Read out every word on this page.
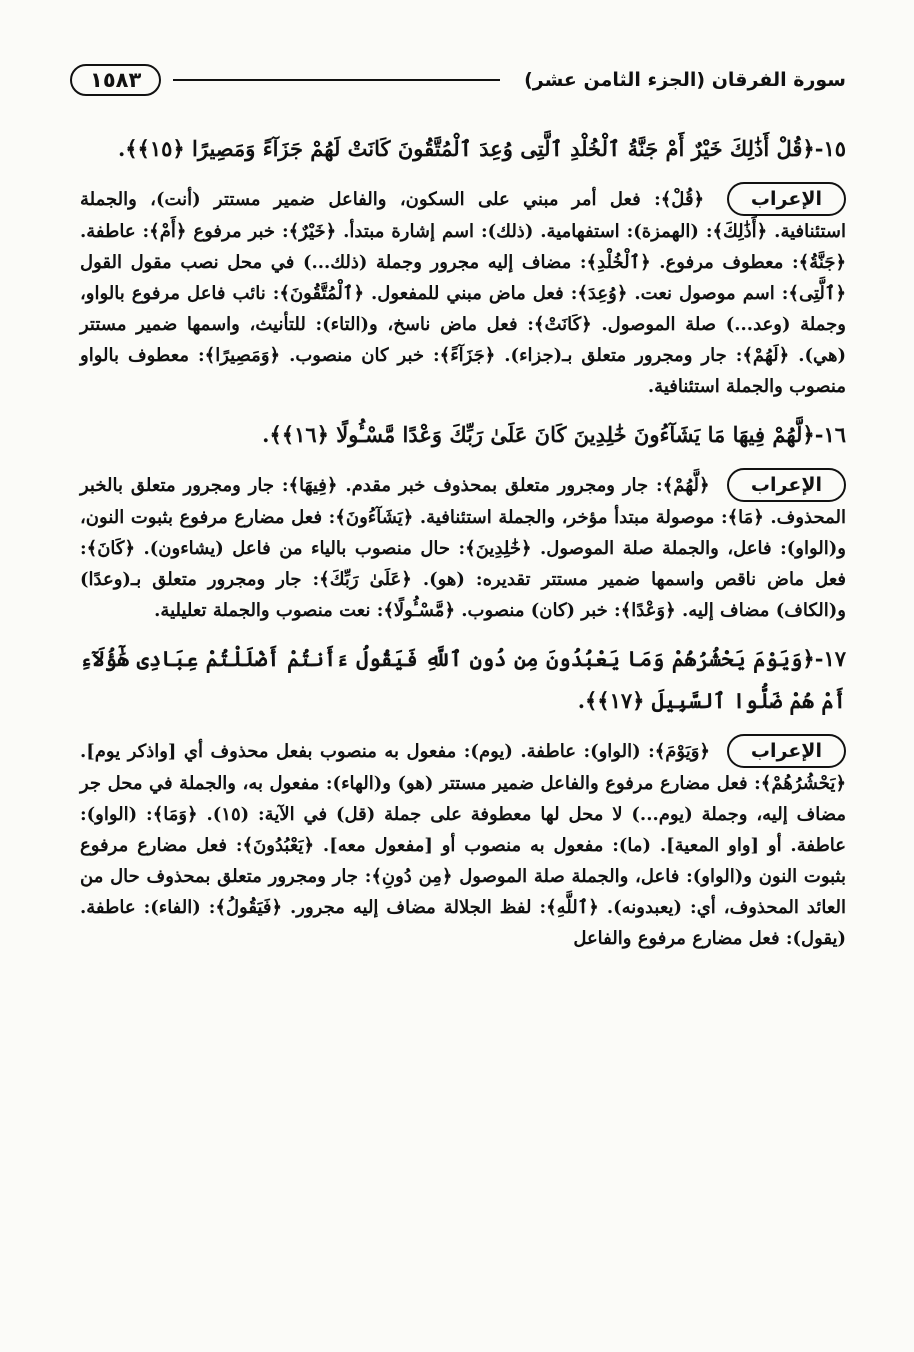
سورة الفرقان (الجزء الثامن عشر)
١٥٨٣
١٥-﴿قُلْ أَذَٰلِكَ خَيْرٌ أَمْ جَنَّةُ ٱلْخُلْدِ ٱلَّتِى وُعِدَ ٱلْمُتَّقُونَ كَانَتْ لَهُمْ جَزَآءً وَمَصِيرًا ﴿١٥﴾﴾.
الإعراب ﴿قُلْ﴾: فعل أمر مبني على السكون، والفاعل ضمير مستتر (أنت)، والجملة استئنافية. ﴿أَذَٰلِكَ﴾: (الهمزة): استفهامية. (ذلك): اسم إشارة مبتدأ. ﴿خَيْرٌ﴾: خبر مرفوع ﴿أَمْ﴾: عاطفة. ﴿جَنَّةُ﴾: معطوف مرفوع. ﴿ٱلْخُلْدِ﴾: مضاف إليه مجرور وجملة (ذلك...) في محل نصب مقول القول ﴿ٱلَّتِى﴾: اسم موصول نعت. ﴿وُعِدَ﴾: فعل ماض مبني للمفعول. ﴿ٱلْمُتَّقُونَ﴾: نائب فاعل مرفوع بالواو، وجملة (وعد...) صلة الموصول. ﴿كَانَتْ﴾: فعل ماض ناسخ، و(التاء): للتأنيث، واسمها ضمير مستتر (هي). ﴿لَهُمْ﴾: جار ومجرور متعلق بـ(جزاء). ﴿جَزَآءً﴾: خبر كان منصوب. ﴿وَمَصِيرًا﴾: معطوف بالواو منصوب والجملة استئنافية.
١٦-﴿لَّهُمْ فِيهَا مَا يَشَآءُونَ خَٰلِدِينَ كَانَ عَلَىٰ رَبِّكَ وَعْدًا مَّسْـُٔولًا ﴿١٦﴾﴾.
الإعراب ﴿لَّهُمْ﴾: جار ومجرور متعلق بمحذوف خبر مقدم. ﴿فِيهَا﴾: جار ومجرور متعلق بالخبر المحذوف. ﴿مَا﴾: موصولة مبتدأ مؤخر، والجملة استئنافية. ﴿يَشَآءُونَ﴾: فعل مضارع مرفوع بثبوت النون، و(الواو): فاعل، والجملة صلة الموصول. ﴿خَٰلِدِينَ﴾: حال منصوب بالياء من فاعل (يشاءون). ﴿كَانَ﴾: فعل ماض ناقص واسمها ضمير مستتر تقديره: (هو). ﴿عَلَىٰ رَبِّكَ﴾: جار ومجرور متعلق بـ(وعدًا) و(الكاف) مضاف إليه. ﴿وَعْدًا﴾: خبر (كان) منصوب. ﴿مَّسْـُٔولًا﴾: نعت منصوب والجملة تعليلية.
١٧-﴿وَيَوْمَ يَحْشُرُهُمْ وَمَا يَعْبُدُونَ مِن دُونِ ٱللَّهِ فَيَقُولُ ءَأَنتُمْ أَضْلَلْتُمْ عِبَادِى هَٰٓؤُلَآءِ أَمْ هُمْ ضَلُّوا ٱلسَّبِيلَ ﴿١٧﴾﴾.
الإعراب ﴿وَيَوْمَ﴾: (الواو): عاطفة. (يوم): مفعول به منصوب بفعل محذوف أي [واذكر يوم]. ﴿يَحْشُرُهُمْ﴾: فعل مضارع مرفوع والفاعل ضمير مستتر (هو) و(الهاء): مفعول به، والجملة في محل جر مضاف إليه، وجملة (يوم...) لا محل لها معطوفة على جملة (قل) في الآية: (١٥). ﴿وَمَا﴾: (الواو): عاطفة. أو [واو المعية]. (ما): مفعول به منصوب أو [مفعول معه]. ﴿يَعْبُدُونَ﴾: فعل مضارع مرفوع بثبوت النون و(الواو): فاعل، والجملة صلة الموصول ﴿مِن دُونِ﴾: جار ومجرور متعلق بمحذوف حال من العائد المحذوف، أي: (يعبدونه). ﴿ٱللَّهِ﴾: لفظ الجلالة مضاف إليه مجرور. ﴿فَيَقُولُ﴾: (الفاء): عاطفة. (يقول): فعل مضارع مرفوع والفاعل
